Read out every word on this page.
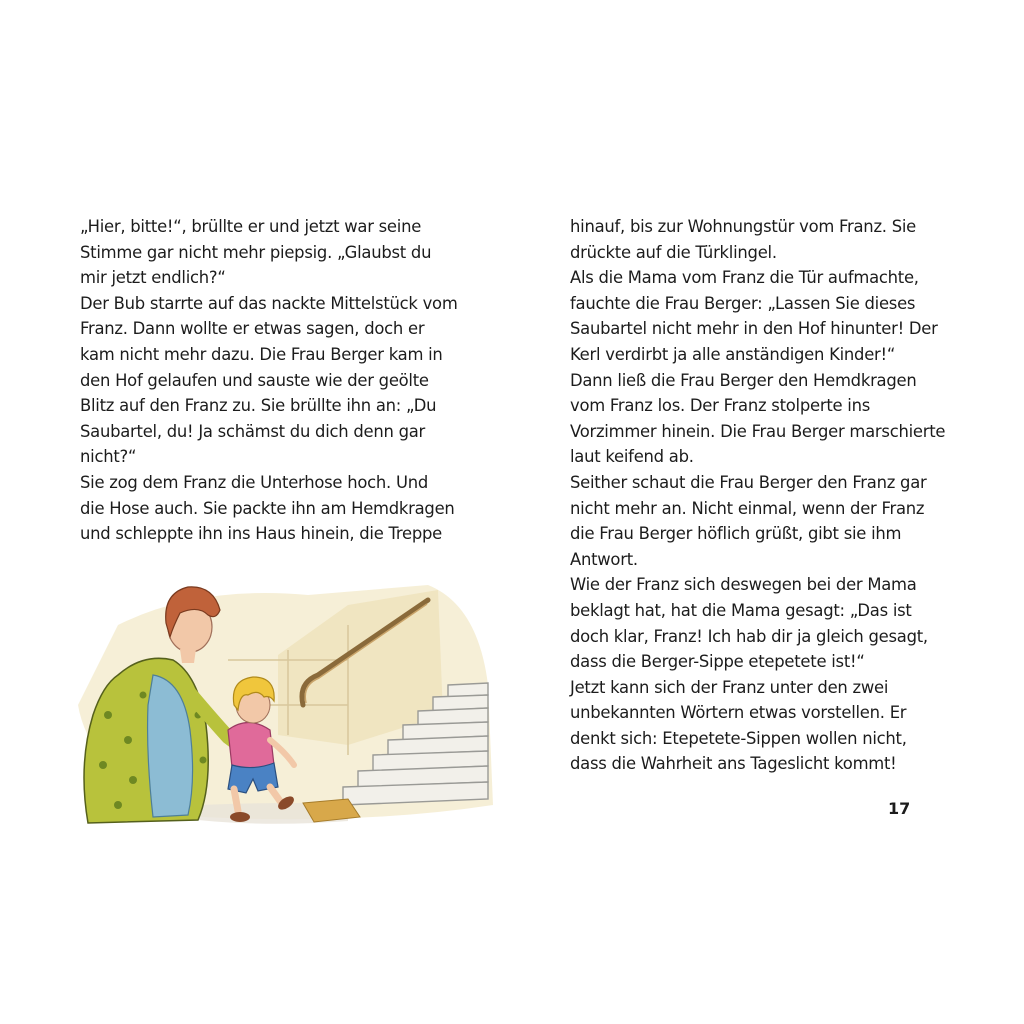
„Hier, bitte!“, brüllte er und jetzt war seine
Stimme gar nicht mehr piepsig. „Glaubst du
mir jetzt endlich?“
Der Bub starrte auf das nackte Mittelstück vom
Franz. Dann wollte er etwas sagen, doch er
kam nicht mehr dazu. Die Frau Berger kam in
den Hof gelaufen und sauste wie der geölte
Blitz auf den Franz zu. Sie brüllte ihn an: „Du
Saubartel, du! Ja schämst du dich denn gar
nicht?“
Sie zog dem Franz die Unterhose hoch. Und
die Hose auch. Sie packte ihn am Hemdkragen
und schleppte ihn ins Haus hinein, die Treppe
hinauf, bis zur Wohnungstür vom Franz. Sie
drückte auf die Türklingel.
Als die Mama vom Franz die Tür aufmachte,
fauchte die Frau Berger: „Lassen Sie dieses
Saubartel nicht mehr in den Hof hinunter! Der
Kerl verdirbt ja alle anständigen Kinder!“
Dann ließ die Frau Berger den Hemdkragen
vom Franz los. Der Franz stolperte ins
Vorzimmer hinein. Die Frau Berger marschierte
laut keifend ab.
Seither schaut die Frau Berger den Franz gar
nicht mehr an. Nicht einmal, wenn der Franz
die Frau Berger höflich grüßt, gibt sie ihm
Antwort.
Wie der Franz sich deswegen bei der Mama
beklagt hat, hat die Mama gesagt: „Das ist
doch klar, Franz! Ich hab dir ja gleich gesagt,
dass die Berger-Sippe etepetete ist!“
Jetzt kann sich der Franz unter den zwei
unbekannten Wörtern etwas vorstellen. Er
denkt sich: Etepetete-Sippen wollen nicht,
dass die Wahrheit ans Tageslicht kommt!
17
